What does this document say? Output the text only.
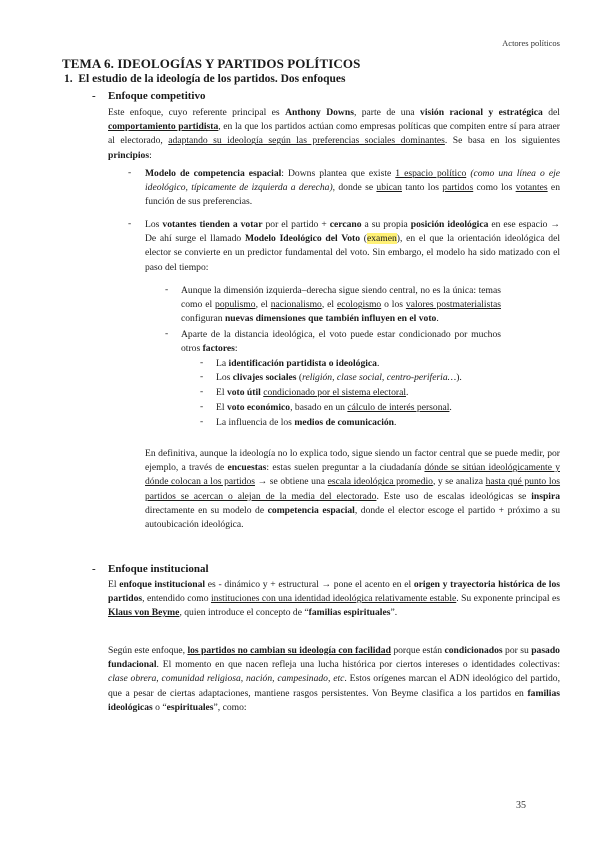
Actores políticos
TEMA 6. IDEOLOGÍAS Y PARTIDOS POLÍTICOS
1. El estudio de la ideología de los partidos. Dos enfoques
- Enfoque competitivo
Este enfoque, cuyo referente principal es Anthony Downs, parte de una visión racional y estratégica del comportamiento partidista, en la que los partidos actúan como empresas políticas que compiten entre sí para atraer al electorado, adaptando su ideología según las preferencias sociales dominantes. Se basa en los siguientes principios:
- Modelo de competencia espacial: Downs plantea que existe 1 espacio político (como una línea o eje ideológico, típicamente de izquierda a derecha), donde se ubican tanto los partidos como los votantes en función de sus preferencias.
- Los votantes tienden a votar por el partido + cercano a su propia posición ideológica en ese espacio → De ahí surge el llamado Modelo Ideológico del Voto (examen), en el que la orientación ideológica del elector se convierte en un predictor fundamental del voto. Sin embargo, el modelo ha sido matizado con el paso del tiempo:
- Aunque la dimensión izquierda–derecha sigue siendo central, no es la única: temas como el populismo, el nacionalismo, el ecologismo o los valores postmaterialistas configuran nuevas dimensiones que también influyen en el voto.
- Aparte de la distancia ideológica, el voto puede estar condicionado por muchos otros factores:
- La identificación partidista o ideológica.
- Los clivajes sociales (religión, clase social, centro-periferia…).
- El voto útil condicionado por el sistema electoral.
- El voto económico, basado en un cálculo de interés personal.
- La influencia de los medios de comunicación.
En definitiva, aunque la ideología no lo explica todo, sigue siendo un factor central que se puede medir, por ejemplo, a través de encuestas: estas suelen preguntar a la ciudadanía dónde se sitúan ideológicamente y dónde colocan a los partidos → se obtiene una escala ideológica promedio, y se analiza hasta qué punto los partidos se acercan o alejan de la media del electorado. Este uso de escalas ideológicas se inspira directamente en su modelo de competencia espacial, donde el elector escoge el partido + próximo a su autoubicación ideológica.
- Enfoque institucional
El enfoque institucional es - dinámico y + estructural → pone el acento en el origen y trayectoria histórica de los partidos, entendido como instituciones con una identidad ideológica relativamente estable. Su exponente principal es Klaus von Beyme, quien introduce el concepto de “familias espirituales”.
Según este enfoque, los partidos no cambian su ideología con facilidad porque están condicionados por su pasado fundacional. El momento en que nacen refleja una lucha histórica por ciertos intereses o identidades colectivas: clase obrera, comunidad religiosa, nación, campesinado, etc. Estos orígenes marcan el ADN ideológico del partido, que a pesar de ciertas adaptaciones, mantiene rasgos persistentes. Von Beyme clasifica a los partidos en familias ideológicas o “espirituales”, como:
35
